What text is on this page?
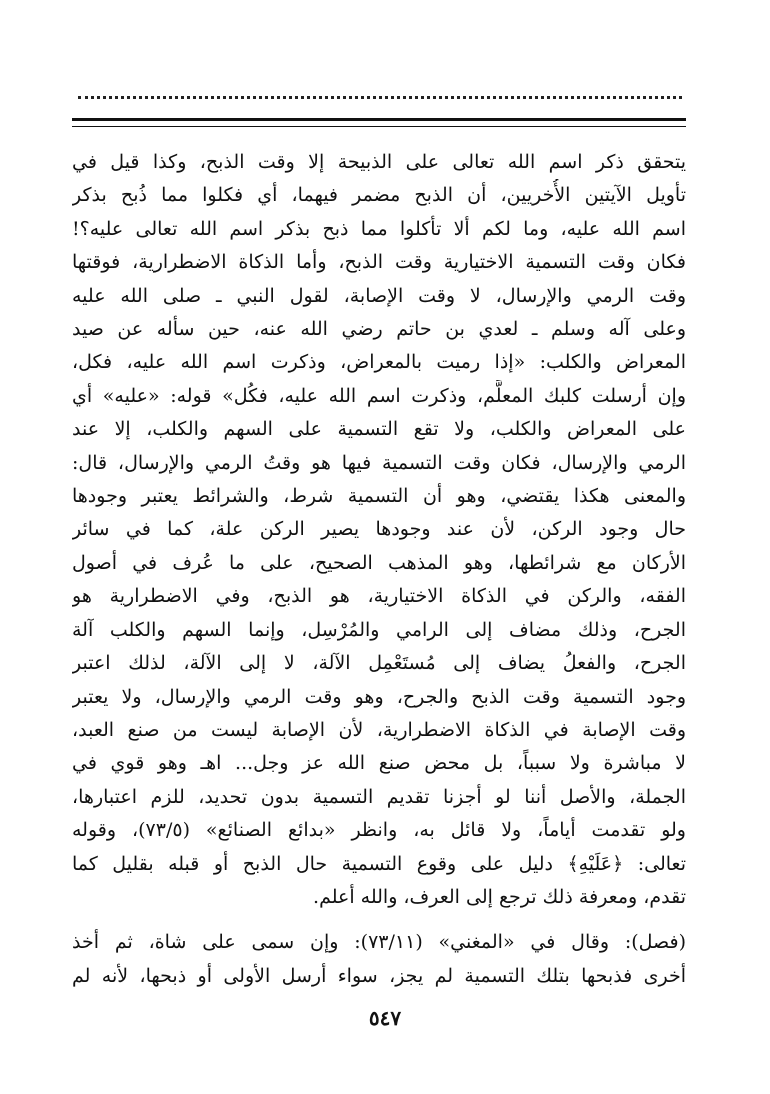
يتحقق ذكر اسم الله تعالى على الذبيحة إلا وقت الذبح، وكذا قيل في
تأويل الآيتين الأُخريين، أن الذبح مضمر فيهما، أي فكلوا مما ذُبح بذكر
اسم الله عليه، وما لكم ألا تأكلوا مما ذبح بذكر اسم الله تعالى عليه؟!
فكان وقت التسمية الاختيارية وقت الذبح، وأما الذكاة الاضطرارية، فوقتها
وقت الرمي والإرسال، لا وقت الإصابة، لقول النبي ـ صلى الله عليه
وعلى آله وسلم ـ لعدي بن حاتم رضي الله عنه، حين سأله عن صيد
المعراض والكلب: «إذا رميت بالمعراض، وذكرت اسم الله عليه، فكل،
وإن أرسلت كلبك المعلَّم، وذكرت اسم الله عليه، فكُل» قوله: «عليه» أي
على المعراض والكلب، ولا تقع التسمية على السهم والكلب، إلا عند
الرمي والإرسال، فكان وقت التسمية فيها هو وقتُ الرمي والإرسال، قال:
والمعنى هكذا يقتضي، وهو أن التسمية شرط، والشرائط يعتبر وجودها
حال وجود الركن، لأن عند وجودها يصير الركن علة، كما في سائر
الأركان مع شرائطها، وهو المذهب الصحيح، على ما عُرف في أصول
الفقه، والركن في الذكاة الاختيارية، هو الذبح، وفي الاضطرارية هو
الجرح، وذلك مضاف إلى الرامي والمُرْسِل، وإنما السهم والكلب آلة
الجرح، والفعلُ يضاف إلى مُستَعْمِل الآلة، لا إلى الآلة، لذلك اعتبر
وجود التسمية وقت الذبح والجرح، وهو وقت الرمي والإرسال، ولا يعتبر
وقت الإصابة في الذكاة الاضطرارية، لأن الإصابة ليست من صنع العبد،
لا مباشرة ولا سبباً، بل محض صنع الله عز وجل... اهـ وهو قوي في
الجملة، والأصل أننا لو أجزنا تقديم التسمية بدون تحديد، للزم اعتبارها،
ولو تقدمت أياماً، ولا قائل به، وانظر «بدائع الصنائع» (٧٣/٥)، وقوله
تعالى: ﴿عَلَيْهِ﴾ دليل على وقوع التسمية حال الذبح أو قبله بقليل كما
تقدم، ومعرفة ذلك ترجع إلى العرف، والله أعلم.
(فصل): وقال في «المغني» (٧٣/١١): وإن سمى على شاة، ثم أخذ
أخرى فذبحها بتلك التسمية لم يجز، سواء أرسل الأولى أو ذبحها، لأنه لم
٥٤٧
